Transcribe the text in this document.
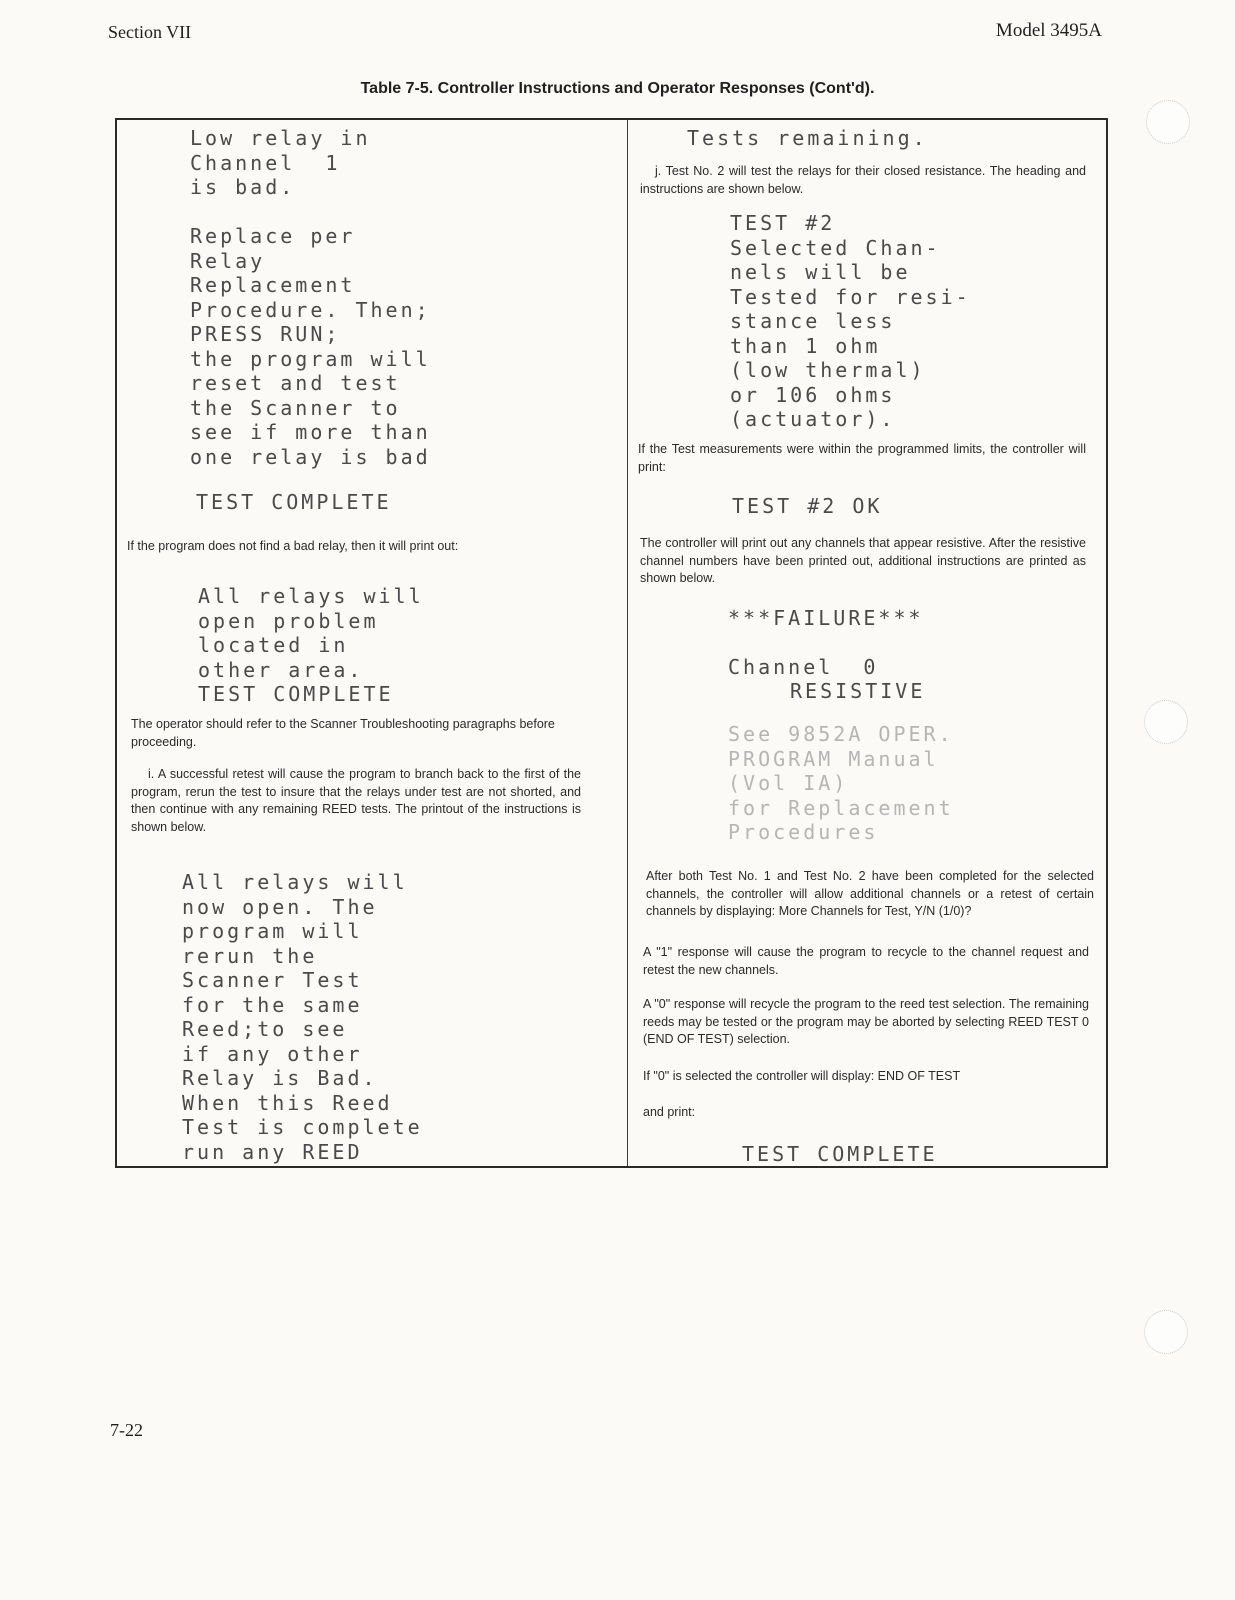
Section VII	Model 3495A
Table 7-5. Controller Instructions and Operator Responses (Cont'd).
Low relay in
Channel  1
is bad.
Replace per
Relay
Replacement
Procedure. Then;
PRESS RUN;
the program will
reset and test
the Scanner to
see if more than
one relay is bad
TEST COMPLETE

If the program does not find a bad relay, then it will print out:

All relays will
open problem
located in
other area.
TEST COMPLETE

The operator should refer to the Scanner Troubleshooting paragraphs before proceeding.

i. A successful retest will cause the program to branch back to the first of the program, rerun the test to insure that the relays under test are not shorted, and then continue with any remaining REED tests. The printout of the instructions is shown below.

All relays will
now open. The
program will
rerun the
Scanner Test
for the same
Reed;to see
if any other
Relay is Bad.
When this Reed
Test is complete
run any REED
Tests remaining.

j. Test No. 2 will test the relays for their closed resistance. The heading and instructions are shown below.

TEST #2
Selected Chan-
nels will be
Tested for resi-
stance less
than 1 ohm
(low thermal)
or 106 ohms
(actuator).

If the Test measurements were within the programmed limits, the controller will print:

TEST #2 OK

The controller will print out any channels that appear resistive. After the resistive channel numbers have been printed out, additional instructions are printed as shown below.

***FAILURE***
Channel  0
RESISTIVE
See 9852A OPER.
PROGRAM Manual
(Vol IA)
for Replacement
Procedures

After both Test No. 1 and Test No. 2 have been completed for the selected channels, the controller will allow additional channels or a retest of certain channels by displaying: More Channels for Test, Y/N (1/0)?

A "1" response will cause the program to recycle to the channel request and retest the new channels.

A "0" response will recycle the program to the reed test selection. The remaining reeds may be tested or the program may be aborted by selecting REED TEST 0 (END OF TEST) selection.

If "0" is selected the controller will display: END OF TEST

and print:

TEST COMPLETE
7-22
